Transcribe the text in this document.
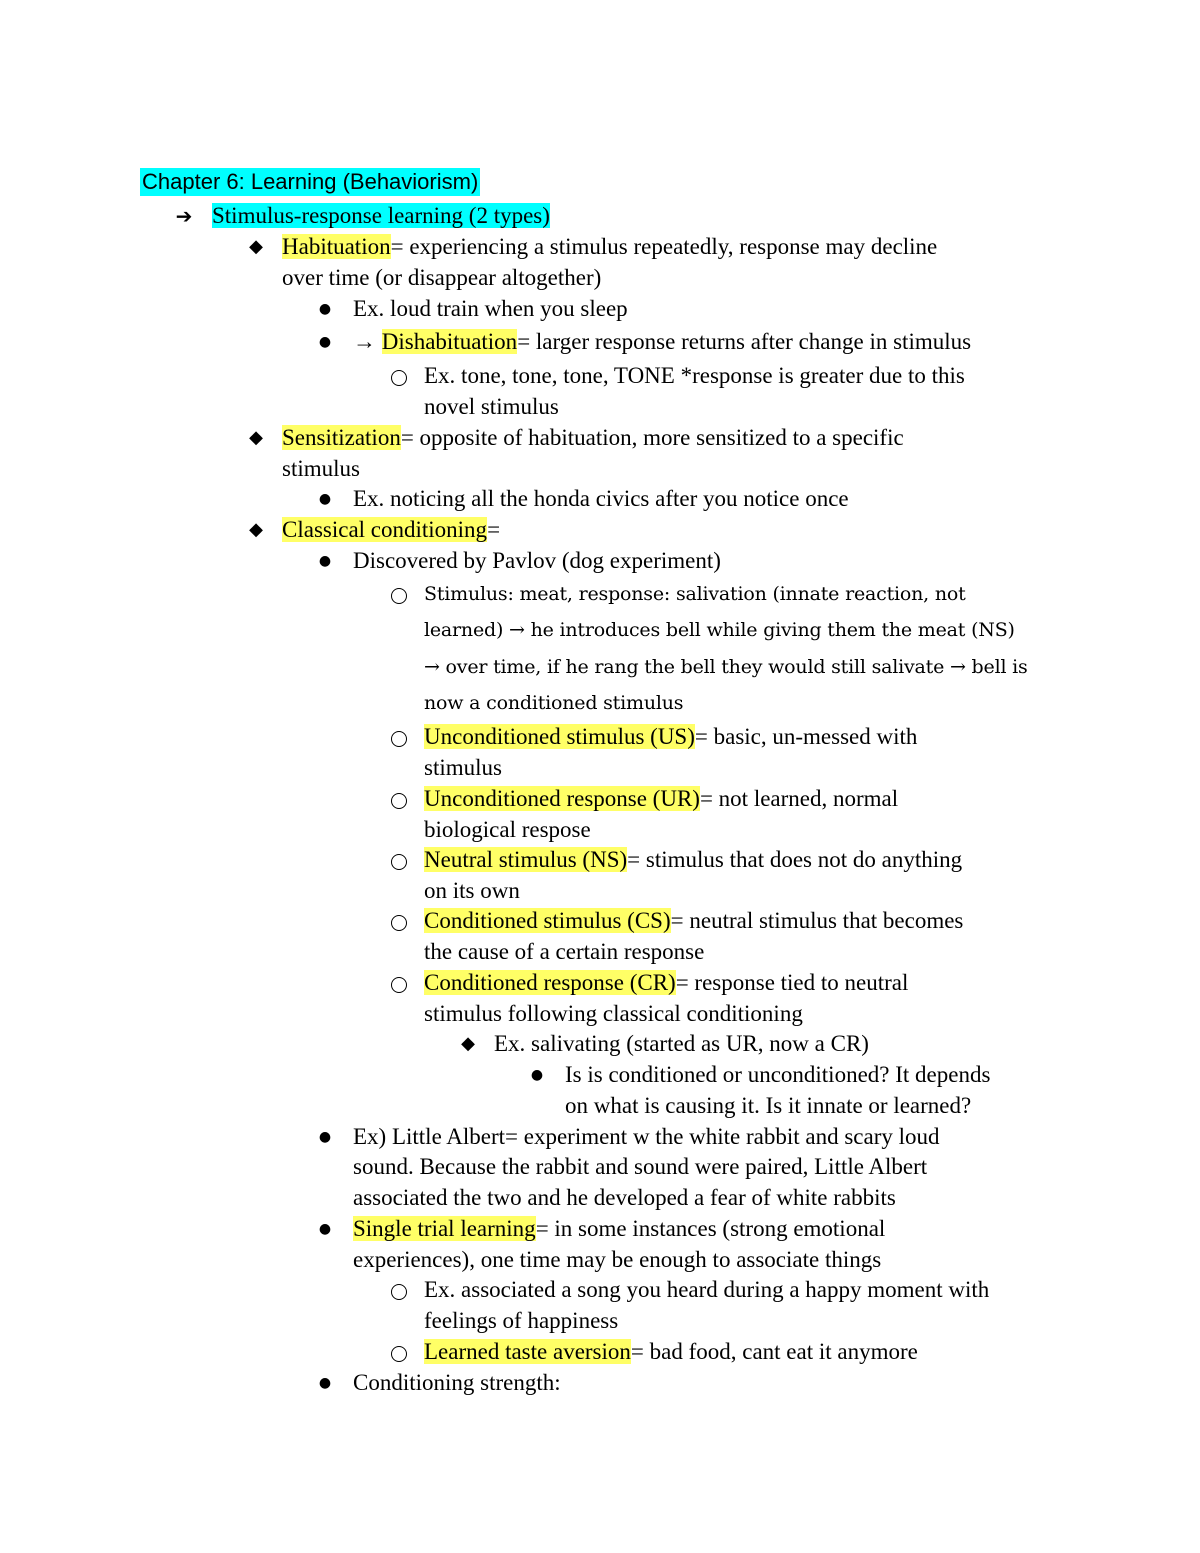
Chapter 6: Learning (Behaviorism)
➔ Stimulus-response learning (2 types)
◆ Habituation= experiencing a stimulus repeatedly, response may decline
over time (or disappear altogether)
● Ex. loud train when you sleep
● → Dishabituation= larger response returns after change in stimulus
Ex. tone, tone, tone, TONE *response is greater due to this
novel stimulus
◆ Sensitization= opposite of habituation, more sensitized to a specific
stimulus
● Ex. noticing all the honda civics after you notice once
◆ Classical conditioning=
● Discovered by Pavlov (dog experiment)
Stimulus: meat, response: salivation (innate reaction, not
learned) → he introduces bell while giving them the meat (NS)
→ over time, if he rang the bell they would still salivate → bell is
now a conditioned stimulus
Unconditioned stimulus (US)= basic, un-messed with
stimulus
Unconditioned response (UR)= not learned, normal
biological respose
Neutral stimulus (NS)= stimulus that does not do anything
on its own
Conditioned stimulus (CS)= neutral stimulus that becomes
the cause of a certain response
Conditioned response (CR)= response tied to neutral
stimulus following classical conditioning
◆ Ex. salivating (started as UR, now a CR)
● Is is conditioned or unconditioned? It depends
on what is causing it. Is it innate or learned?
● Ex) Little Albert= experiment w the white rabbit and scary loud
sound. Because the rabbit and sound were paired, Little Albert
associated the two and he developed a fear of white rabbits
● Single trial learning= in some instances (strong emotional
experiences), one time may be enough to associate things
Ex. associated a song you heard during a happy moment with
feelings of happiness
Learned taste aversion= bad food, cant eat it anymore
● Conditioning strength:
